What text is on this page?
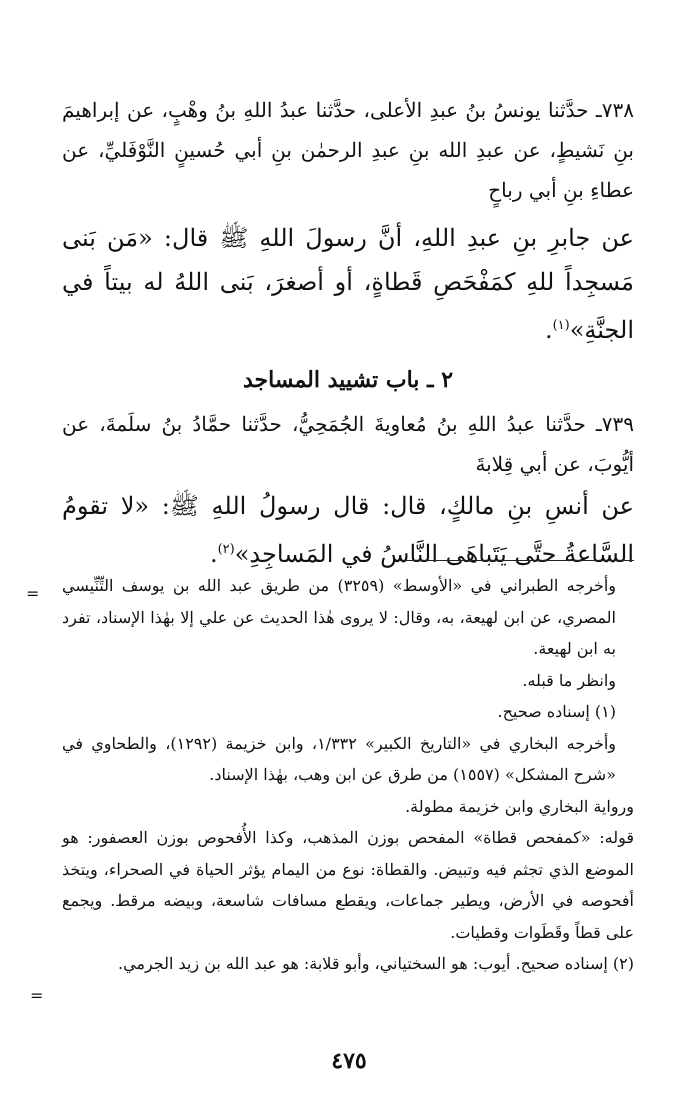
٧٣٨ـ حدَّثنا يونسُ بنُ عبدِ الأعلى، حدَّثنا عبدُ اللهِ بنُ وهْبٍ، عن إبراهيمَ بنِ نَشيطٍ، عن عبدِ الله بنِ عبدِ الرحمٰن بنِ أبي حُسينٍ النَّوْفَليِّ، عن عطاءِ بنِ أبي رباحٍ

عن جابرِ بنِ عبدِ اللهِ، أنَّ رسولَ اللهِ ﷺ قال: «مَن بَنى مَسجِداً للهِ كمَفْحَصِ قَطاةٍ، أو أصغرَ، بَنى اللهُ له بيتاً في الجنَّةِ»$^{(١)}$.

٢ ـ باب تشييد المساجد

٧٣٩ـ حدَّثنا عبدُ اللهِ بنُ مُعاويةَ الجُمَحِيُّ، حدَّثنا حمَّادُ بنُ سلَمةَ، عن أيُّوبَ، عن أبي قِلابةَ

عن أنسِ بنِ مالكٍ، قال: قال رسولُ اللهِ ﷺ: «لا تقومُ السَّاعةُ حتَّى يَتَباهَى النَّاسُ في المَساجِدِ»$^{(٢)}$.

= وأخرجه الطبراني في «الأوسط» (٣٢٥٩) من طريق عبد الله بن يوسف التِّنِّيسي المصري، عن ابن لهيعة، به، وقال: لا يروى هٰذا الحديث عن علي إلا بهٰذا الإسناد، تفرد به ابن لهيعة.

وانظر ما قبله.

(١) إسناده صحيح.

وأخرجه البخاري في «التاريخ الكبير» ١/٣٣٢، وابن خزيمة (١٢٩٢)، والطحاوي في «شرح المشكل» (١٥٥٧) من طرق عن ابن وهب، بهٰذا الإسناد.

ورواية البخاري وابن خزيمة مطولة.

قوله: «كمفحص قطاة» المفحص بوزن المذهب، وكذا الأُفحوص بوزن العصفور: هو الموضع الذي تجثم فيه وتبيض. والقطاة: نوع من اليمام يؤثر الحياة في الصحراء، ويتخذ أفحوصه في الأرض، ويطير جماعات، ويقطع مسافات شاسعة، وبيضه مرقط. ويجمع على قطاً وقَطَوات وقطيات.

(٢) إسناده صحيح. أيوب: هو السختياني، وأبو قلابة: هو عبد الله بن زيد الجرمي.

=
٤٧٥
